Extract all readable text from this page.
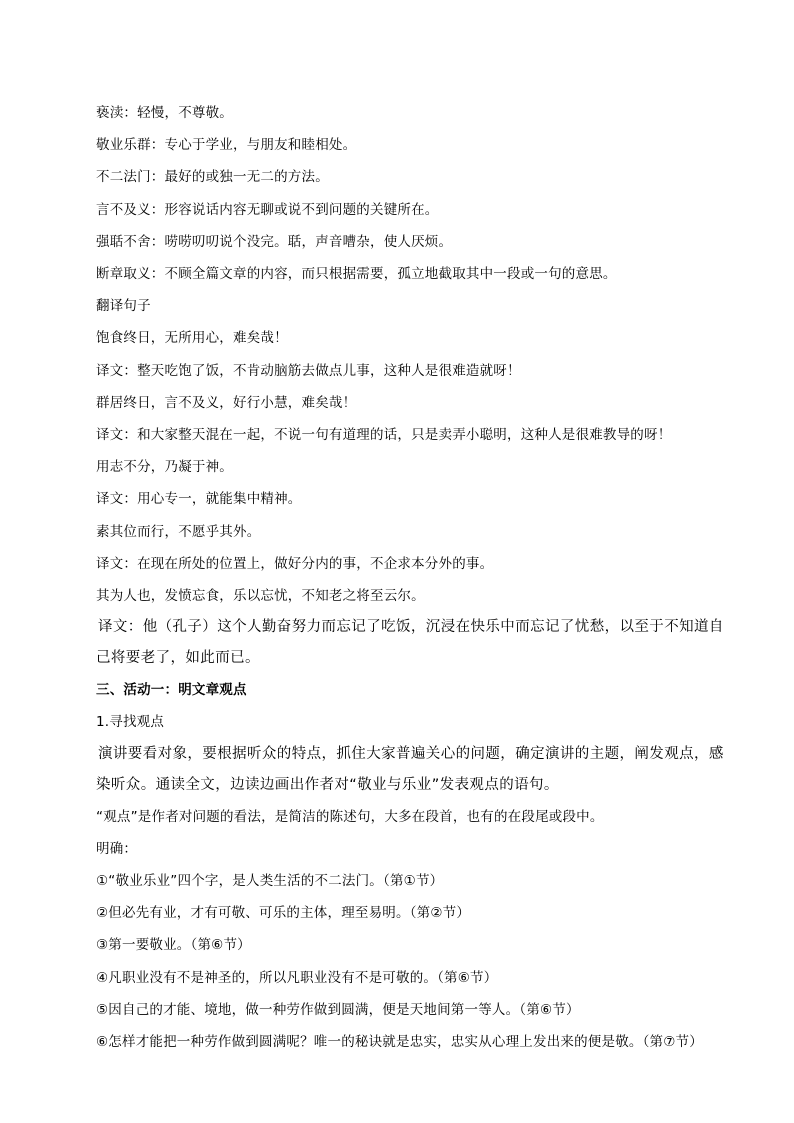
亵渎：轻慢，不尊敬。
敬业乐群：专心于学业，与朋友和睦相处。
不二法门：最好的或独一无二的方法。
言不及义：形容说话内容无聊或说不到问题的关键所在。
强聒不舍：唠唠叨叨说个没完。聒，声音嘈杂，使人厌烦。
断章取义：不顾全篇文章的内容，而只根据需要，孤立地截取其中一段或一句的意思。
翻译句子
饱食终日，无所用心，难矣哉！
译文：整天吃饱了饭，不肯动脑筋去做点儿事，这种人是很难造就呀！
群居终日，言不及义，好行小慧，难矣哉！
译文：和大家整天混在一起，不说一句有道理的话，只是卖弄小聪明，这种人是很难教导的呀！
用志不分，乃凝于神。
译文：用心专一，就能集中精神。
素其位而行，不愿乎其外。
译文：在现在所处的位置上，做好分内的事，不企求本分外的事。
其为人也，发愤忘食，乐以忘忧，不知老之将至云尔。
译文：他（孔子）这个人勤奋努力而忘记了吃饭，沉浸在快乐中而忘记了忧愁，以至于不知道自己将要老了，如此而已。
三、活动一：明文章观点
1.寻找观点
演讲要看对象，要根据听众的特点，抓住大家普遍关心的问题，确定演讲的主题，阐发观点，感染听众。通读全文，边读边画出作者对“敬业与乐业”发表观点的语句。
“观点”是作者对问题的看法，是简洁的陈述句，大多在段首，也有的在段尾或段中。
明确：
①“敬业乐业”四个字，是人类生活的不二法门。（第①节）
②但必先有业，才有可敬、可乐的主体，理至易明。（第②节）
③第一要敬业。（第⑥节）
④凡职业没有不是神圣的，所以凡职业没有不是可敬的。（第⑥节）
⑤因自己的才能、境地，做一种劳作做到圆满，便是天地间第一等人。（第⑥节）
⑥怎样才能把一种劳作做到圆满呢？唯一的秘诀就是忠实，忠实从心理上发出来的便是敬。（第⑦节）
